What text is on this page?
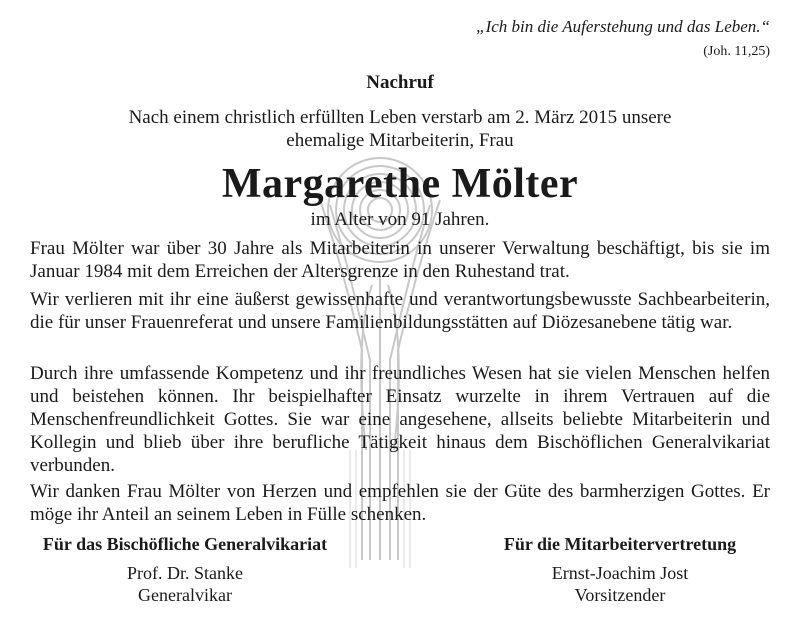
„Ich bin die Auferstehung und das Leben.“
(Joh. 11,25)
Nachruf
Nach einem christlich erfüllten Leben verstarb am 2. März 2015 unsere
ehemalige Mitarbeiterin, Frau
Margarethe Mölter
im Alter von 91 Jahren.
Frau Mölter war über 30 Jahre als Mitarbeiterin in unserer Verwaltung beschäftigt, bis sie im Januar 1984 mit dem Erreichen der Altersgrenze in den Ruhestand trat.
Wir verlieren mit ihr eine äußerst gewissenhafte und verantwortungsbewusste Sachbearbeiterin, die für unser Frauenreferat und unsere Familienbildungsstätten auf Diözesanebene tätig war.
Durch ihre umfassende Kompetenz und ihr freundliches Wesen hat sie vielen Menschen helfen und beistehen können. Ihr beispielhafter Einsatz wurzelte in ihrem Vertrauen auf die Menschenfreundlichkeit Gottes. Sie war eine angesehene, allseits beliebte Mitarbeiterin und Kollegin und blieb über ihre berufliche Tätigkeit hinaus dem Bischöflichen Generalvikariat verbunden.
Wir danken Frau Mölter von Herzen und empfehlen sie der Güte des barmherzigen Gottes. Er möge ihr Anteil an seinem Leben in Fülle schenken.
Für das Bischöfliche Generalvikariat
Prof. Dr. Stanke
Generalvikar
Für die Mitarbeitervertretung
Ernst-Joachim Jost
Vorsitzender
